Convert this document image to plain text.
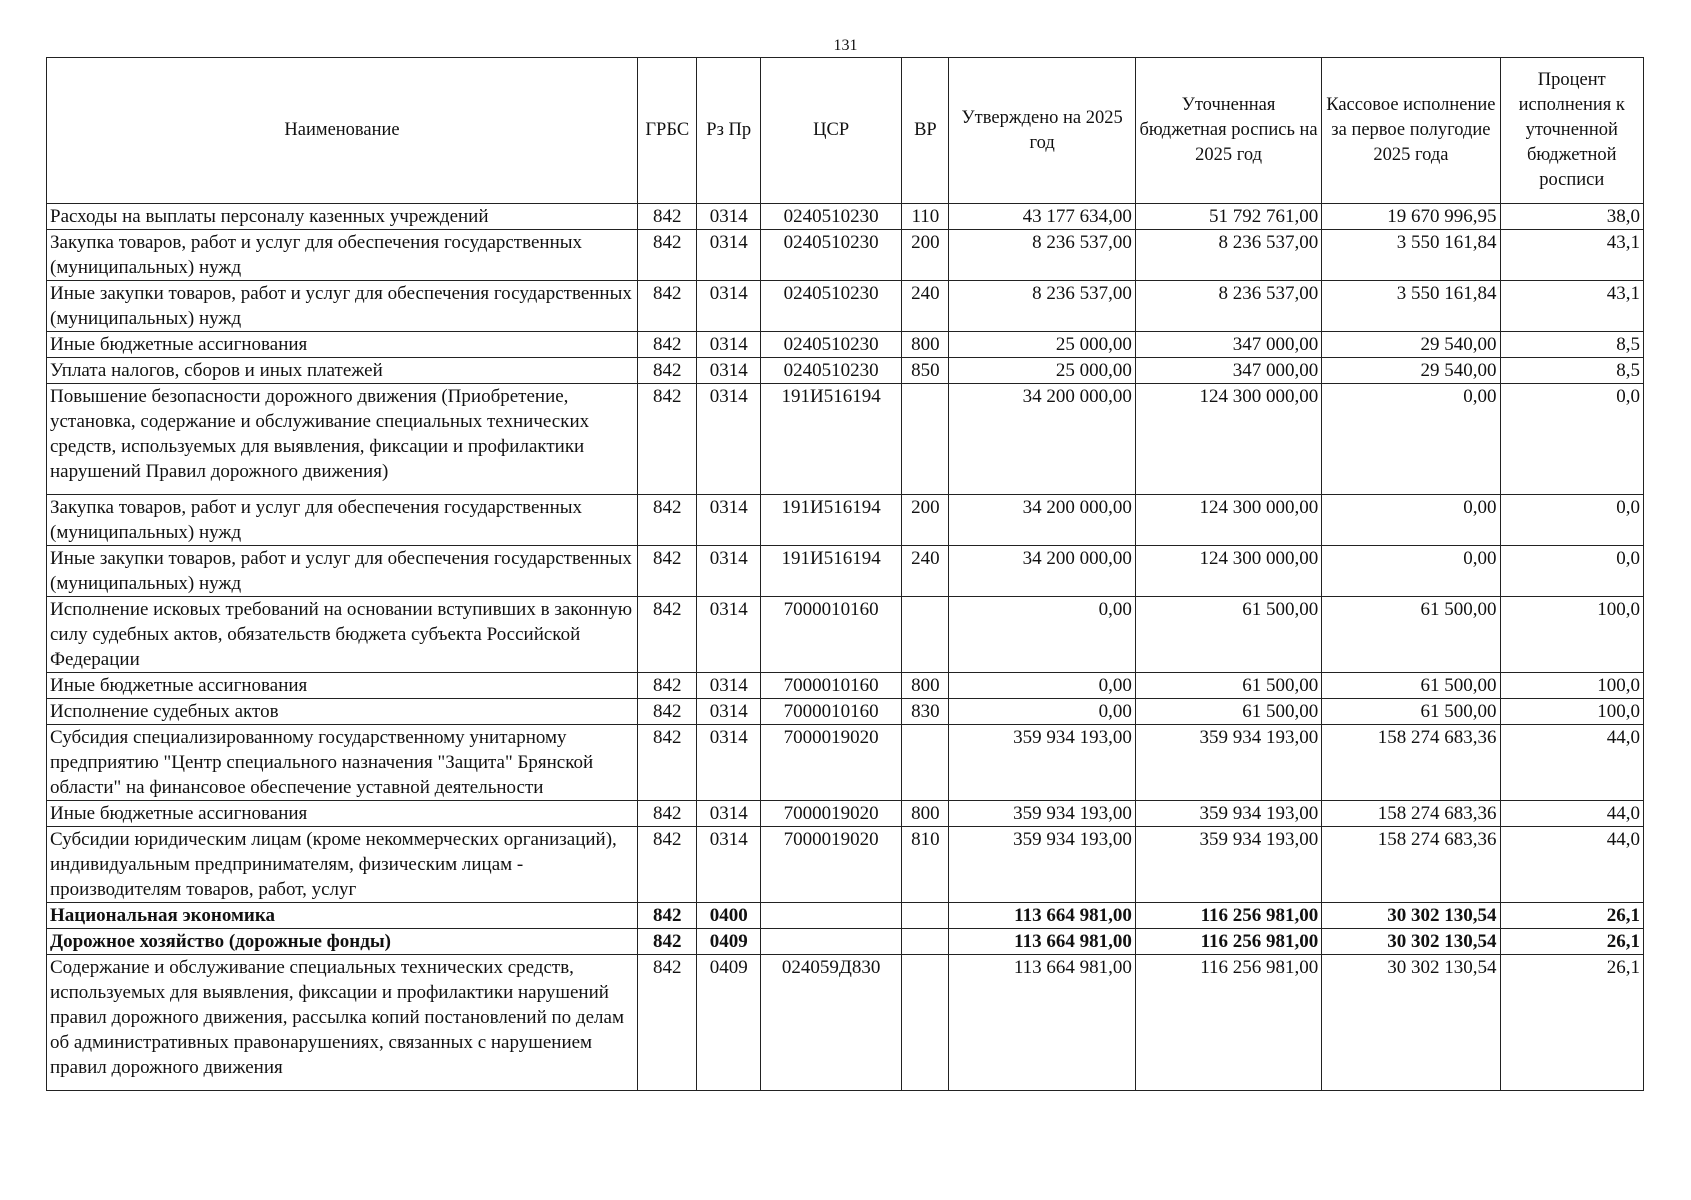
131
Наименование	ГРБС	Рз Пр	ЦСР	ВР	Утверждено на 2025 год	Уточненная бюджетная роспись на 2025 год	Кассовое исполнение за первое полугодие 2025 года	Процент исполнения к уточненной бюджетной росписи
Расходы на выплаты персоналу казенных учреждений	842	0314	0240510230	110	43 177 634,00	51 792 761,00	19 670 996,95	38,0
Закупка товаров, работ и услуг для обеспечения государственных (муниципальных) нужд	842	0314	0240510230	200	8 236 537,00	8 236 537,00	3 550 161,84	43,1
Иные закупки товаров, работ и услуг для обеспечения государственных (муниципальных) нужд	842	0314	0240510230	240	8 236 537,00	8 236 537,00	3 550 161,84	43,1
Иные бюджетные ассигнования	842	0314	0240510230	800	25 000,00	347 000,00	29 540,00	8,5
Уплата налогов, сборов и иных платежей	842	0314	0240510230	850	25 000,00	347 000,00	29 540,00	8,5
Повышение безопасности дорожного движения (Приобретение, установка, содержание и обслуживание специальных технических средств, используемых для выявления, фиксации и профилактики нарушений Правил дорожного движения)	842	0314	191И516194		34 200 000,00	124 300 000,00	0,00	0,0
Закупка товаров, работ и услуг для обеспечения государственных (муниципальных) нужд	842	0314	191И516194	200	34 200 000,00	124 300 000,00	0,00	0,0
Иные закупки товаров, работ и услуг для обеспечения государственных (муниципальных) нужд	842	0314	191И516194	240	34 200 000,00	124 300 000,00	0,00	0,0
Исполнение исковых требований на основании вступивших в законную силу судебных актов, обязательств бюджета субъекта Российской Федерации	842	0314	7000010160		0,00	61 500,00	61 500,00	100,0
Иные бюджетные ассигнования	842	0314	7000010160	800	0,00	61 500,00	61 500,00	100,0
Исполнение судебных актов	842	0314	7000010160	830	0,00	61 500,00	61 500,00	100,0
Субсидия специализированному государственному унитарному предприятию "Центр специального назначения "Защита" Брянской области" на финансовое обеспечение уставной деятельности	842	0314	7000019020		359 934 193,00	359 934 193,00	158 274 683,36	44,0
Иные бюджетные ассигнования	842	0314	7000019020	800	359 934 193,00	359 934 193,00	158 274 683,36	44,0
Субсидии юридическим лицам (кроме некоммерческих организаций), индивидуальным предпринимателям, физическим лицам - производителям товаров, работ, услуг	842	0314	7000019020	810	359 934 193,00	359 934 193,00	158 274 683,36	44,0
Национальная экономика	842	0400			113 664 981,00	116 256 981,00	30 302 130,54	26,1
Дорожное хозяйство (дорожные фонды)	842	0409			113 664 981,00	116 256 981,00	30 302 130,54	26,1
Содержание и обслуживание специальных технических средств, используемых для выявления, фиксации и профилактики нарушений правил дорожного движения, рассылка копий постановлений по делам об административных правонарушениях, связанных с нарушением правил дорожного движения	842	0409	024059Д830		113 664 981,00	116 256 981,00	30 302 130,54	26,1
